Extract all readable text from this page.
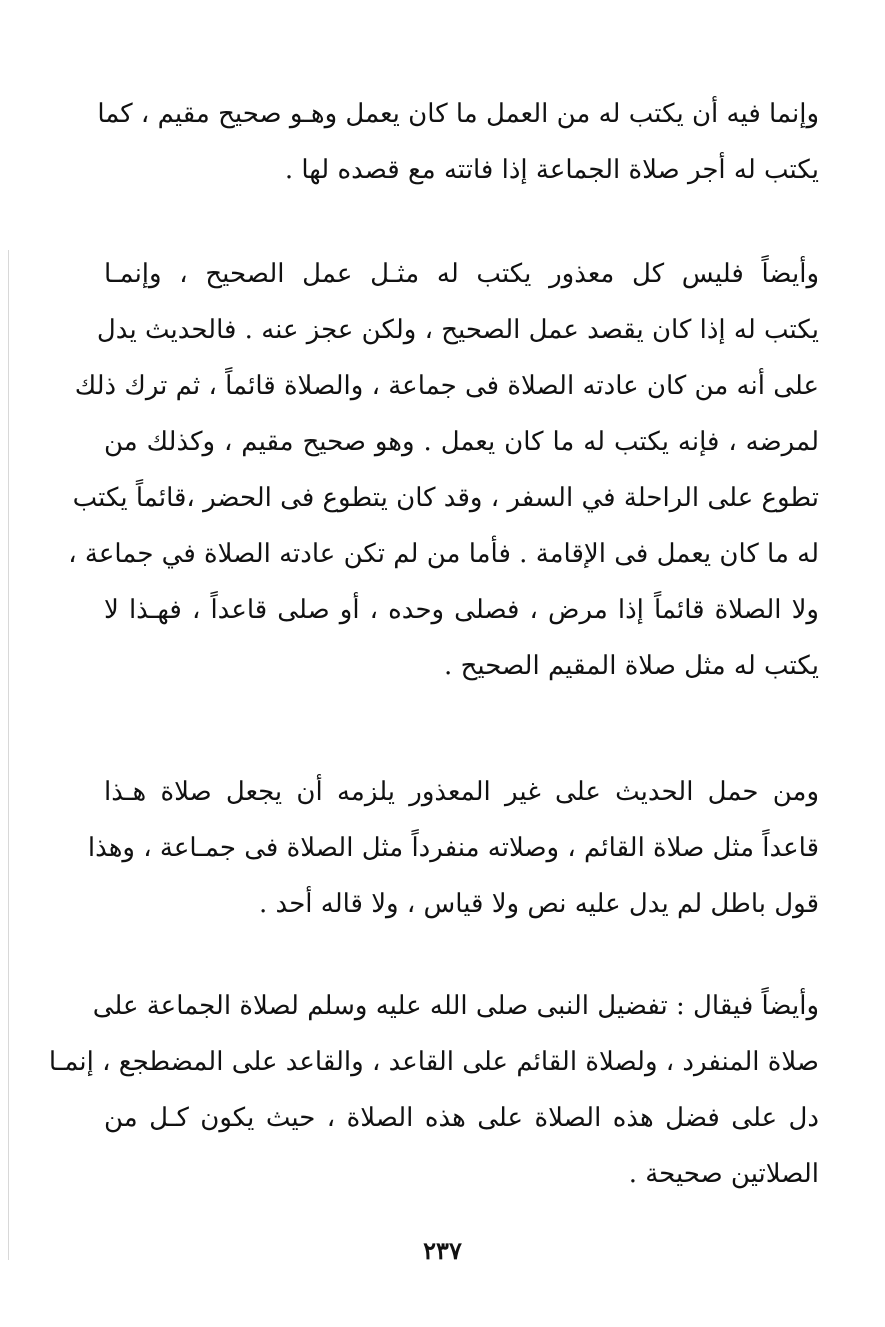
وإنما فيه أن يكتب له من العمل ما كان يعمل وهـو صحيح مقيم ، كما
يكتب له أجر صلاة الجماعة إذا فاتته مع قصده لها .
وأيضاً فليس كل معذور يكتب له مثـل عمل الصحيح ، وإنمـا
يكتب له إذا كان يقصد عمل الصحيح ، ولكن عجز عنه . فالحديث يدل
على أنه من كان عادته الصلاة فى جماعة ، والصلاة قائماً ، ثم ترك ذلك
لمرضه ، فإنه يكتب له ما كان يعمل . وهو صحيح مقيم ، وكذلك من
تطوع على الراحلة في السفر ، وقد كان يتطوع فى الحضر ،قائماً يكتب
له ما كان يعمل فى الإقامة . فأما من لم تكن عادته الصلاة في جماعة ،
ولا الصلاة قائماً إذا مرض ، فصلى وحده ، أو صلى قاعداً ، فهـذا لا
يكتب له مثل صلاة المقيم الصحيح .
ومن حمل الحديث على غير المعذور يلزمه أن يجعل صلاة هـذا
قاعداً مثل صلاة القائم ، وصلاته منفرداً مثل الصلاة فى جمـاعة ، وهذا
قول باطل لم يدل عليه نص ولا قياس ، ولا قاله أحد .
وأيضاً فيقال : تفضيل النبى صلى الله عليه وسلم لصلاة الجماعة على
صلاة المنفرد ، ولصلاة القائم على القاعد ، والقاعد على المضطجع ، إنمـا
دل على فضل هذه الصلاة على هذه الصلاة ، حيث يكون كـل من
الصلاتين صحيحة .
٢٣٧
